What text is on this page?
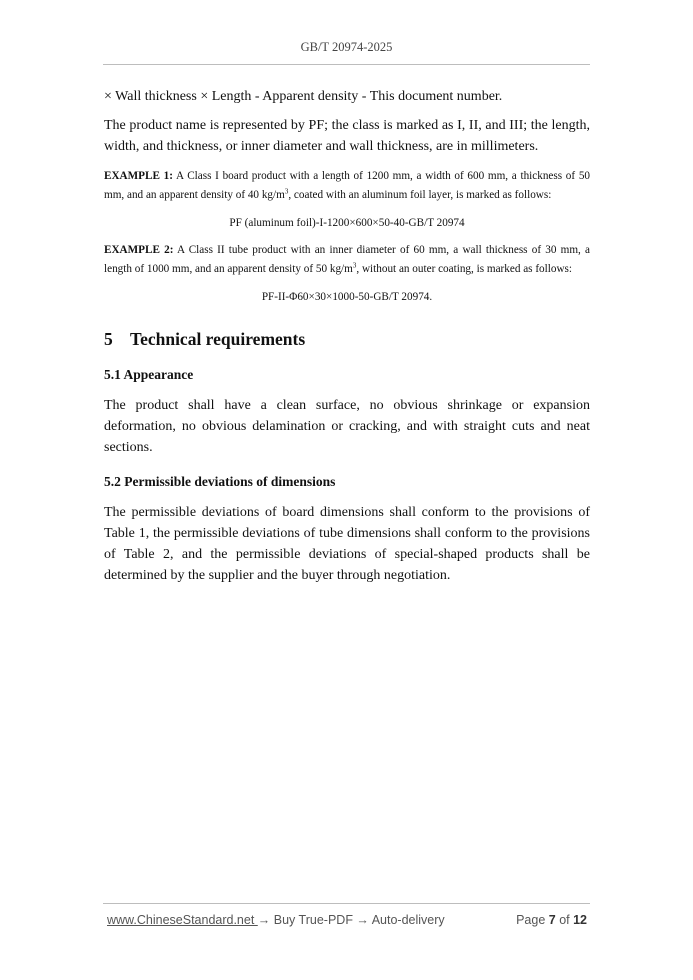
GB/T 20974-2025

× Wall thickness × Length - Apparent density - This document number.

The product name is represented by PF; the class is marked as I, II, and III; the length, width, and thickness, or inner diameter and wall thickness, are in millimeters.

EXAMPLE 1: A Class I board product with a length of 1200 mm, a width of 600 mm, a thickness of 50 mm, and an apparent density of 40 $kg/m^3$, coated with an aluminum foil layer, is marked as follows:

PF (aluminum foil)-I-1200×600×50-40-GB/T 20974

EXAMPLE 2: A Class II tube product with an inner diameter of 60 mm, a wall thickness of 30 mm, a length of 1000 mm, and an apparent density of 50 $kg/m^3$, without an outer coating, is marked as follows:

PF-II-Φ60×30×1000-50-GB/T 20974.

5 Technical requirements
5.1 Appearance

The product shall have a clean surface, no obvious shrinkage or expansion deformation, no obvious delamination or cracking, and with straight cuts and neat sections.

5.2 Permissible deviations of dimensions

The permissible deviations of board dimensions shall conform to the provisions of Table 1, the permissible deviations of tube dimensions shall conform to the provisions of Table 2, and the permissible deviations of special-shaped products shall be determined by the supplier and the buyer through negotiation.

www.ChineseStandard.net → Buy True-PDF → Auto-delivery	Page 7 of 12
